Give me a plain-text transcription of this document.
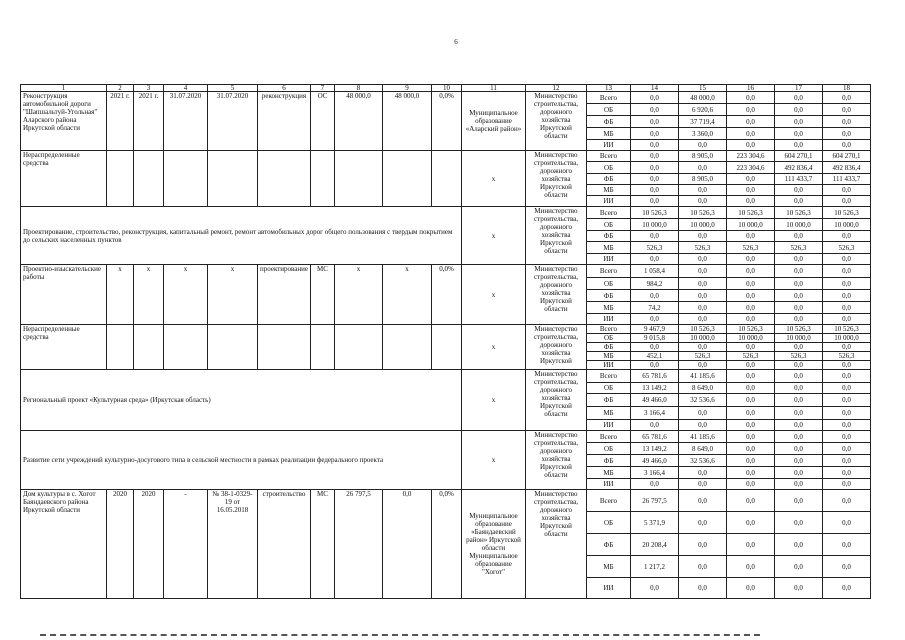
6
1	2	3	4	5	6	7	8	9	10	11	12	13	14	15	16	17	18
Реконструкция автомобильной дороги "Шапшальтуй-Угольная" Аларского района Иркутской области	2021 г.	2021 г.	31.07.2020	31.07.2020	реконструкция	ОС	48 000,0	48 000,0	0,0%	Муниципальное образование «Аларский район»	Министерство строительства, дорожного хозяйства Иркутской области	Всего	0,0	48 000,0	0,0	0,0	0,0
												ОБ	0,0	6 920,6	0,0	0,0	0,0
												ФБ	0,0	37 719,4	0,0	0,0	0,0
												МБ	0,0	3 360,0	0,0	0,0	0,0
												ИИ	0,0	0,0	0,0	0,0	0,0
Нераспределенные средства										х	Министерство строительства, дорожного хозяйства Иркутской области	Всего	0,0	8 905,0	223 304,6	604 270,1	604 270,1
												ОБ	0,0	0,0	223 304,6	492 836,4	492 836,4
												ФБ	0,0	8 905,0	0,0	111 433,7	111 433,7
												МБ	0,0	0,0	0,0	0,0	0,0
												ИИ	0,0	0,0	0,0	0,0	0,0
Проектирование, строительство, реконструкция, капитальный ремонт, ремонт автомобильных дорог общего пользования с твердым покрытием до сельских населенных пунктов										х	Министерство строительства, дорожного хозяйства Иркутской области	Всего	10 526,3	10 526,3	10 526,3	10 526,3	10 526,3
												ОБ	10 000,0	10 000,0	10 000,0	10 000,0	10 000,0
												ФБ	0,0	0,0	0,0	0,0	0,0
												МБ	526,3	526,3	526,3	526,3	526,3
												ИИ	0,0	0,0	0,0	0,0	0,0
Проектно-изыскательские работы	х	х	х	х	проектирование	МС	х	х	0,0%	х	Министерство строительства, дорожного хозяйства Иркутской области	Всего	1 058,4	0,0	0,0	0,0	0,0
												ОБ	984,2	0,0	0,0	0,0	0,0
												ФБ	0,0	0,0	0,0	0,0	0,0
												МБ	74,2	0,0	0,0	0,0	0,0
												ИИ	0,0	0,0	0,0	0,0	0,0
Нераспределенные средства										х	Министерство строительства, дорожного хозяйства Иркутской	Всего	9 467,9	10 526,3	10 526,3	10 526,3	10 526,3
												ОБ	9 015,8	10 000,0	10 000,0	10 000,0	10 000,0
												ФБ	0,0	0,0	0,0	0,0	0,0
												МБ	452,1	526,3	526,3	526,3	526,3
												ИИ	0,0	0,0	0,0	0,0	0,0
Региональный проект «Культурная среда» (Иркутская область)										х	Министерство строительства, дорожного хозяйства Иркутской области	Всего	65 781,6	41 185,6	0,0	0,0	0,0
												ОБ	13 149,2	8 649,0	0,0	0,0	0,0
												ФБ	49 466,0	32 536,6	0,0	0,0	0,0
												МБ	3 166,4	0,0	0,0	0,0	0,0
												ИИ	0,0	0,0	0,0	0,0	0,0
Развитие сети учреждений культурно-досугового типа в сельской местности в рамках реализации федерального проекта										х	Министерство строительства, дорожного хозяйства Иркутской области	Всего	65 781,6	41 185,6	0,0	0,0	0,0
												ОБ	13 149,2	8 649,0	0,0	0,0	0,0
												ФБ	49 466,0	32 536,6	0,0	0,0	0,0
												МБ	3 166,4	0,0	0,0	0,0	0,0
												ИИ	0,0	0,0	0,0	0,0	0,0
Дом культуры в с. Хогот Баяндаевского района Иркутской области	2020	2020	-	№ 38-1-0329-19 от 16.05.2018	строительство	МС	26 797,5	0,0	0,0%	Муниципальное образование «Баяндаевский район» Иркутской области Муниципальное образование "Хогот"	Министерство строительства, дорожного хозяйства Иркутской области	Всего	26 797,5	0,0	0,0	0,0	0,0
												ОБ	5 371,9	0,0	0,0	0,0	0,0
												ФБ	20 208,4	0,0	0,0	0,0	0,0
												МБ	1 217,2	0,0	0,0	0,0	0,0
												ИИ	0,0	0,0	0,0	0,0	0,0
